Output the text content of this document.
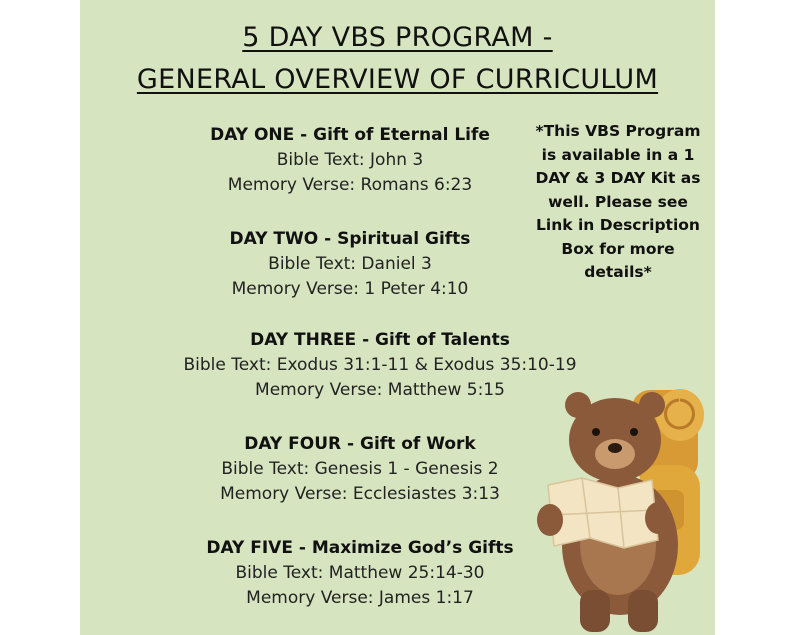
5 DAY VBS PROGRAM -
GENERAL OVERVIEW OF CURRICULUM
DAY ONE - Gift of Eternal Life
Bible Text: John 3
Memory Verse: Romans 6:23
DAY TWO - Spiritual Gifts
Bible Text: Daniel 3
Memory Verse: 1 Peter 4:10
DAY THREE - Gift of Talents
Bible Text: Exodus 31:1-11 & Exodus 35:10-19
Memory Verse: Matthew 5:15
DAY FOUR - Gift of Work
Bible Text: Genesis 1 - Genesis 2
Memory Verse: Ecclesiastes 3:13
DAY FIVE - Maximize God’s Gifts
Bible Text: Matthew 25:14-30
Memory Verse: James 1:17
*This VBS Program is available in a 1 DAY & 3 DAY Kit as well. Please see Link in Description Box for more details*
